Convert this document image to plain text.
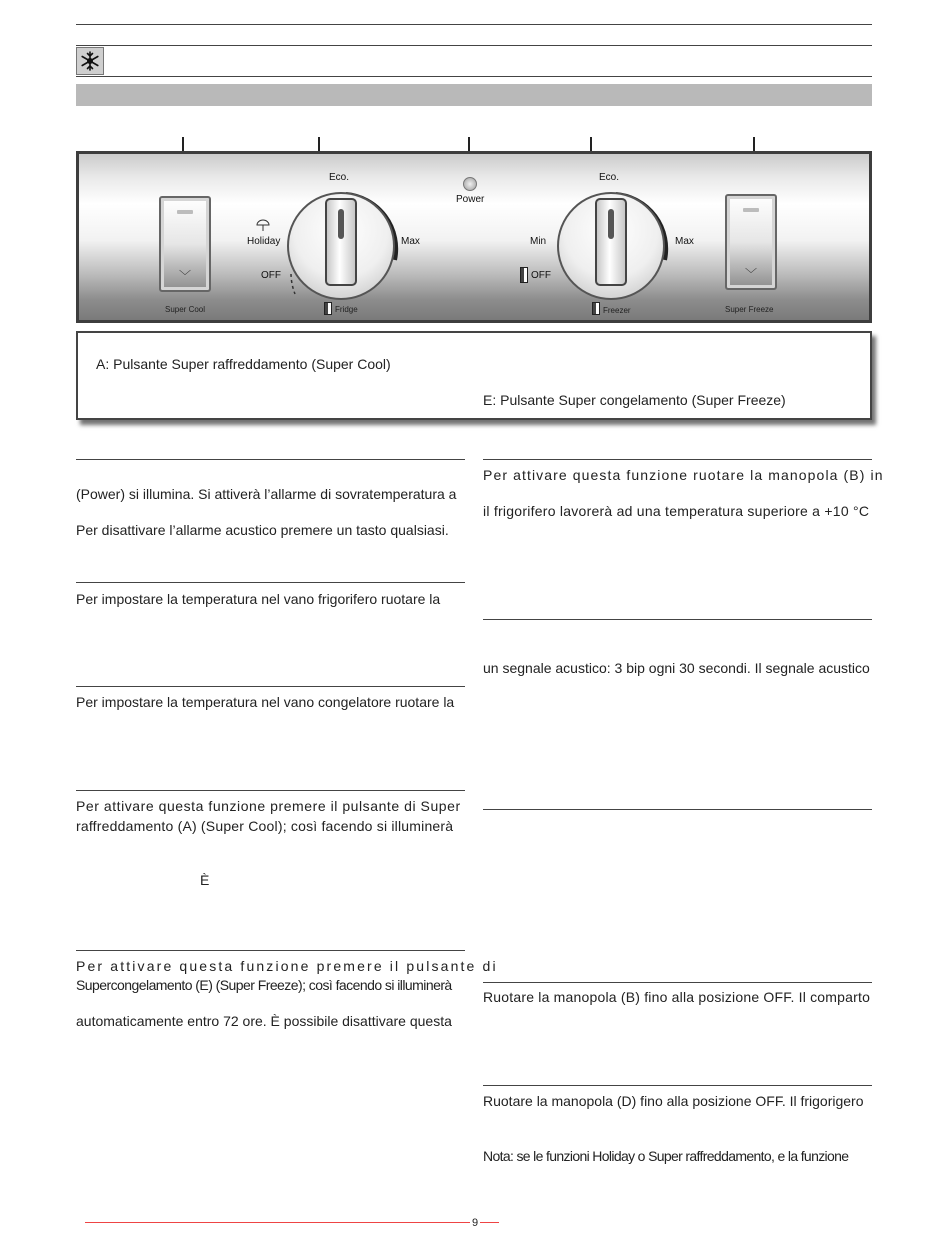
﹀
Super Cool
Eco.
Holiday	Max
OFF
Fridge
Power
Eco.
Min	Max
OFF
Freezer
﹀
Super Freeze
A: Pulsante Super raffreddamento (Super Cool)
E: Pulsante Super congelamento (Super Freeze)
(Power) si illumina. Si attiverà l’allarme di sovratemperatura a
Per disattivare l’allarme acustico premere un tasto qualsiasi.
Per impostare la temperatura nel vano frigorifero ruotare la
Per impostare la temperatura nel vano congelatore ruotare la
Per attivare questa funzione premere il pulsante di Super
raffreddamento (A) (Super Cool); così facendo si illuminerà
È
Per attivare questa funzione premere il pulsante di
Supercongelamento (E) (Super Freeze); così facendo si illuminerà
automaticamente entro 72 ore. È possibile disattivare questa
Per attivare questa funzione ruotare la manopola (B) in
il frigorifero lavorerà ad una temperatura superiore a +10 °C
un segnale acustico: 3 bip ogni 30 secondi. Il segnale acustico
Ruotare la manopola (B) fino alla posizione OFF. Il comparto
Ruotare la manopola (D) fino alla posizione OFF. Il frigorigero
Nota: se le funzioni Holiday o Super raffreddamento, e la funzione
9
